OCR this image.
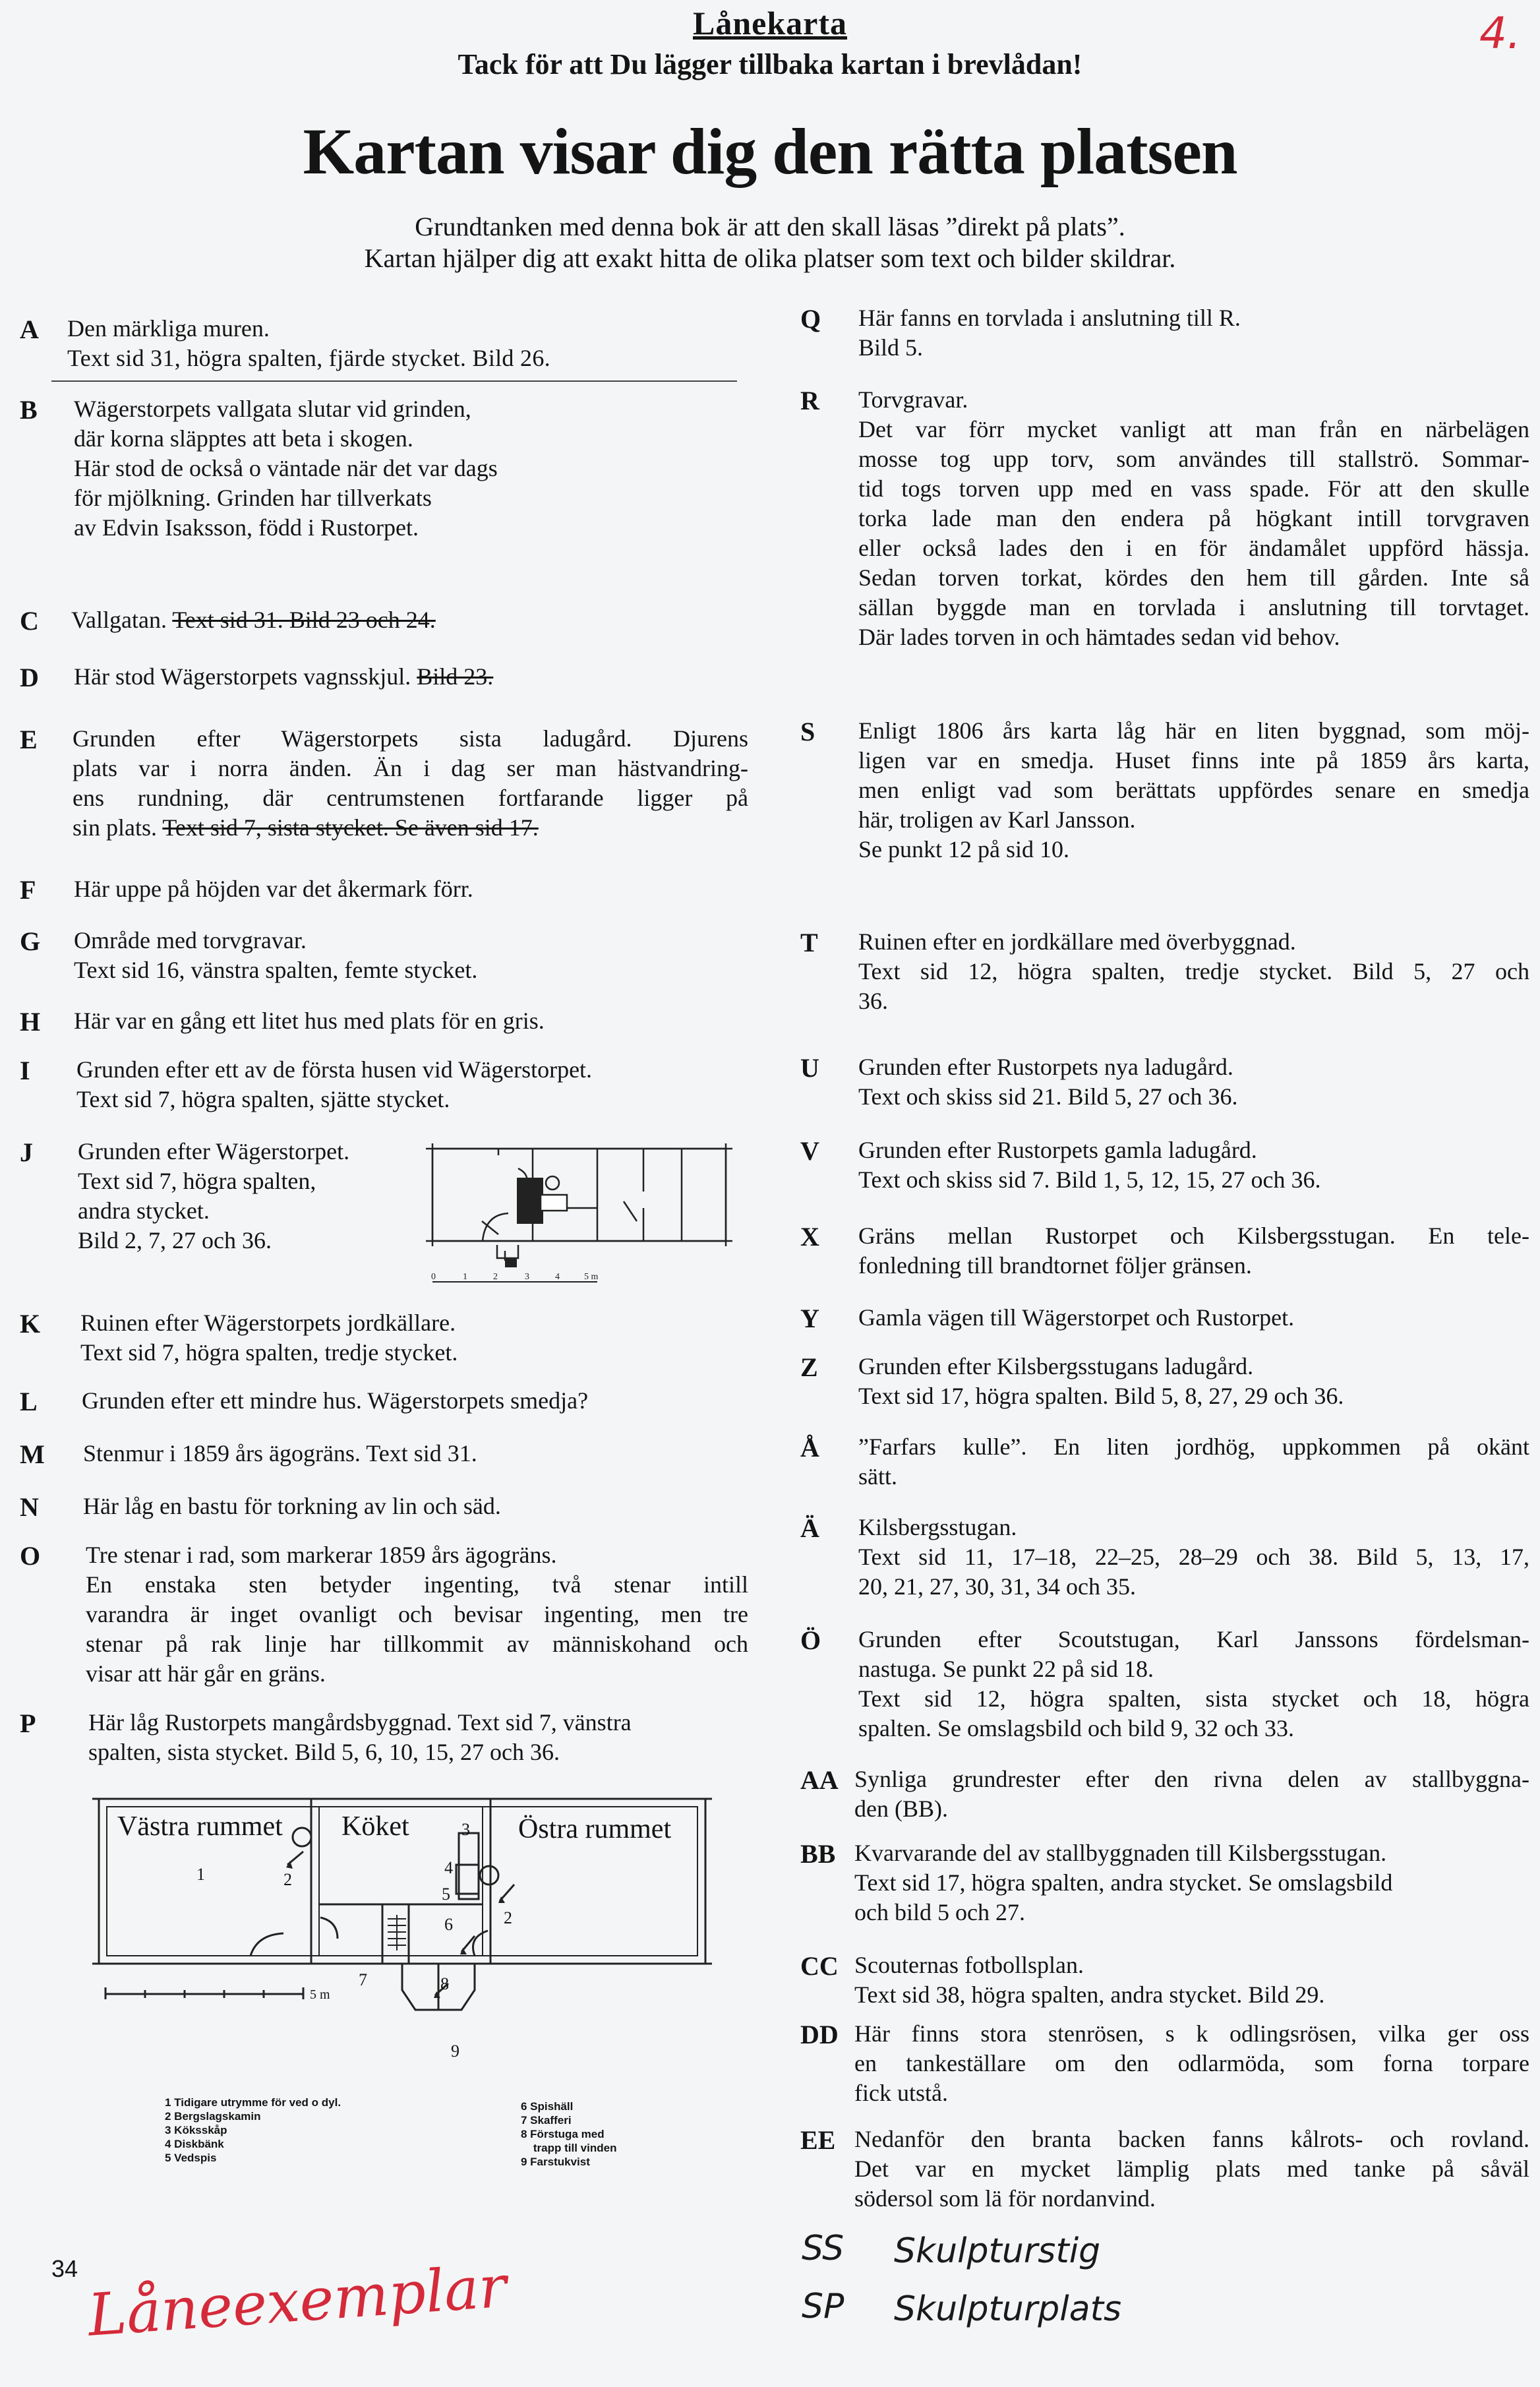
Lånekarta	4.
Tack för att Du lägger tillbaka kartan i brevlådan!
Kartan visar dig den rätta platsen
Grundtanken med denna bok är att den skall läsas ”direkt på plats”.
Kartan hjälper dig att exakt hitta de olika platser som text och bilder skildrar.
A Den märkliga muren.
Text sid 31, högra spalten, fjärde stycket. Bild 26.
B Wägerstorpets vallgata slutar vid grinden,
där korna släpptes att beta i skogen.
Här stod de också o väntade när det var dags
för mjölkning. Grinden har tillverkats
av Edvin Isaksson, född i Rustorpet.
C Vallgatan. Text sid 31. Bild 23 och 24.
D Här stod Wägerstorpets vagnsskjul. Bild 23.
E Grunden efter Wägerstorpets sista ladugård. Djurens
plats var i norra änden. Än i dag ser man hästvandring-
ens rundning, där centrumstenen fortfarande ligger på
sin plats. Text sid 7, sista stycket. Se även sid 17.
F Här uppe på höjden var det åkermark förr.
G Område med torvgravar.
Text sid 16, vänstra spalten, femte stycket.
H Här var en gång ett litet hus med plats för en gris.
I Grunden efter ett av de första husen vid Wägerstorpet.
Text sid 7, högra spalten, sjätte stycket.
J Grunden efter Wägerstorpet.
Text sid 7, högra spalten,
andra stycket.
Bild 2, 7, 27 och 36.
0	1	2	3	4	5 m
K Ruinen efter Wägerstorpets jordkällare.
Text sid 7, högra spalten, tredje stycket.
L Grunden efter ett mindre hus. Wägerstorpets smedja?
M Stenmur i 1859 års ägogräns. Text sid 31.
N Här låg en bastu för torkning av lin och säd.
O Tre stenar i rad, som markerar 1859 års ägogräns.
En enstaka sten betyder ingenting, två stenar intill
varandra är inget ovanligt och bevisar ingenting, men tre
stenar på rak linje har tillkommit av människohand och
visar att här går en gräns.
P Här låg Rustorpets mangårdsbyggnad. Text sid 7, vänstra
spalten, sista stycket. Bild 5, 6, 10, 15, 27 och 36.
Västra rummet Köket	Östra rummet
1	2
3
4
5
6	2
7	8
9
5 m
1 Tidigare utrymme för ved o dyl.
2 Bergslagskamin
3 Köksskåp
4 Diskbänk
5 Vedspis
6 Spishäll
7 Skafferi
8 Förstuga med
trapp till vinden
9 Farstukvist
34 Låneexemplar
Q Här fanns en torvlada i anslutning till R.
Bild 5.
R Torvgravar.
Det var förr mycket vanligt att man från en närbelägen
mosse tog upp torv, som användes till stallströ. Sommar-
tid togs torven upp med en vass spade. För att den skulle
torka lade man den endera på högkant intill torvgraven
eller också lades den i en för ändamålet uppförd hässja.
Sedan torven torkat, kördes den hem till gården. Inte så
sällan byggde man en torvlada i anslutning till torvtaget.
Där lades torven in och hämtades sedan vid behov.
S Enligt 1806 års karta låg här en liten byggnad, som möj-
ligen var en smedja. Huset finns inte på 1859 års karta,
men enligt vad som berättats uppfördes senare en smedja
här, troligen av Karl Jansson.
Se punkt 12 på sid 10.
T Ruinen efter en jordkällare med överbyggnad.
Text sid 12, högra spalten, tredje stycket. Bild 5, 27 och
36.
U Grunden efter Rustorpets nya ladugård.
Text och skiss sid 21. Bild 5, 27 och 36.
V Grunden efter Rustorpets gamla ladugård.
Text och skiss sid 7. Bild 1, 5, 12, 15, 27 och 36.
X Gräns mellan Rustorpet och Kilsbergsstugan. En tele-
fonledning till brandtornet följer gränsen.
Y Gamla vägen till Wägerstorpet och Rustorpet.
Z Grunden efter Kilsbergsstugans ladugård.
Text sid 17, högra spalten. Bild 5, 8, 27, 29 och 36.
Å ”Farfars kulle”. En liten jordhög, uppkommen på okänt
sätt.
Ä Kilsbergsstugan.
Text sid 11, 17–18, 22–25, 28–29 och 38. Bild 5, 13, 17,
20, 21, 27, 30, 31, 34 och 35.
Ö Grunden efter Scoutstugan, Karl Janssons fördelsman-
nastuga. Se punkt 22 på sid 18.
Text sid 12, högra spalten, sista stycket och 18, högra
spalten. Se omslagsbild och bild 9, 32 och 33.
AA Synliga grundrester efter den rivna delen av stallbyggna-
den (BB).
BB Kvarvarande del av stallbyggnaden till Kilsbergsstugan.
Text sid 17, högra spalten, andra stycket. Se omslagsbild
och bild 5 och 27.
CC Scouternas fotbollsplan.
Text sid 38, högra spalten, andra stycket. Bild 29.
DD Här finns stora stenrösen, s k odlingsrösen, vilka ger oss
en tankeställare om den odlarmöda, som forna torpare
fick utstå.
EE Nedanför den branta backen fanns kålrots- och rovland.
Det var en mycket lämplig plats med tanke på såväl
södersol som lä för nordanvind.
SS Skulpturstig
SP Skulpturplats
